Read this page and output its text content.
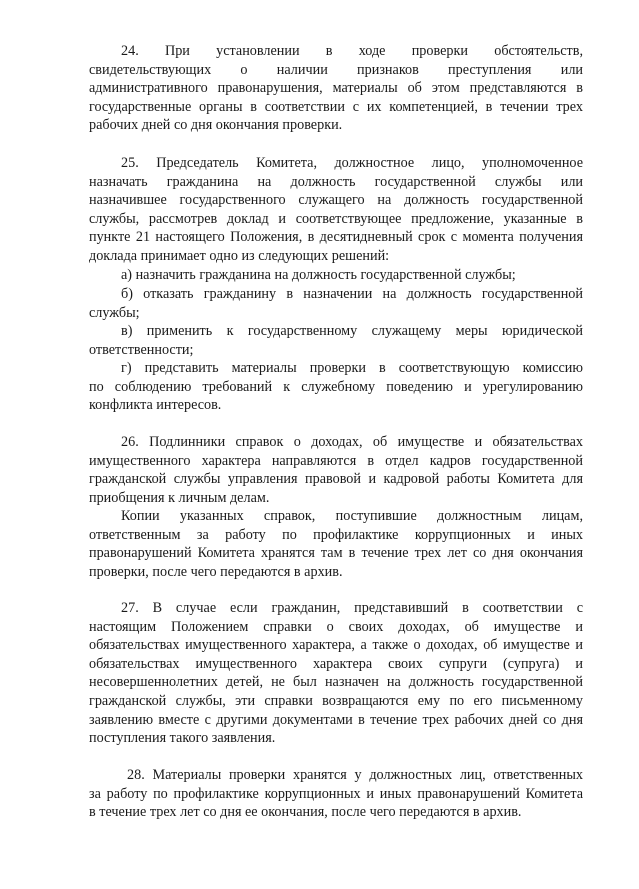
24. При установлении в ходе проверки обстоятельств,
свидетельствующих о наличии признаков преступления или
административного правонарушения, материалы об этом представляются в
государственные органы в соответствии с их компетенцией, в течении трех
рабочих дней со дня окончания проверки.
25. Председатель Комитета, должностное лицо, уполномоченное
назначать гражданина на должность государственной службы или
назначившее государственного служащего на должность государственной
службы, рассмотрев доклад и соответствующее предложение, указанные в
пункте 21 настоящего Положения, в десятидневный срок с момента получения
доклада принимает одно из следующих решений:
а) назначить гражданина на должность государственной службы;
б) отказать гражданину в назначении на должность государственной
службы;
в) применить к государственному служащему меры юридической
ответственности;
г) представить материалы проверки в соответствующую комиссию
по соблюдению требований к служебному поведению и урегулированию
конфликта интересов.
26. Подлинники справок о доходах, об имуществе и обязательствах
имущественного характера направляются в отдел кадров государственной
гражданской службы управления правовой и кадровой работы Комитета для
приобщения к личным делам.
Копии указанных справок, поступившие должностным лицам,
ответственным за работу по профилактике коррупционных и иных
правонарушений Комитета хранятся там в течение трех лет со дня окончания
проверки, после чего передаются в архив.
27. В случае если гражданин, представивший в соответствии с
настоящим Положением справки о своих доходах, об имуществе и
обязательствах имущественного характера, а также о доходах, об имуществе и
обязательствах имущественного характера своих супруги (супруга) и
несовершеннолетних детей, не был назначен на должность государственной
гражданской службы, эти справки возвращаются ему по его письменному
заявлению вместе с другими документами в течение трех рабочих дней со дня
поступления такого заявления.
28. Материалы проверки хранятся у должностных лиц, ответственных
за работу по профилактике коррупционных и иных правонарушений Комитета
в течение трех лет со дня ее окончания, после чего передаются в архив.
